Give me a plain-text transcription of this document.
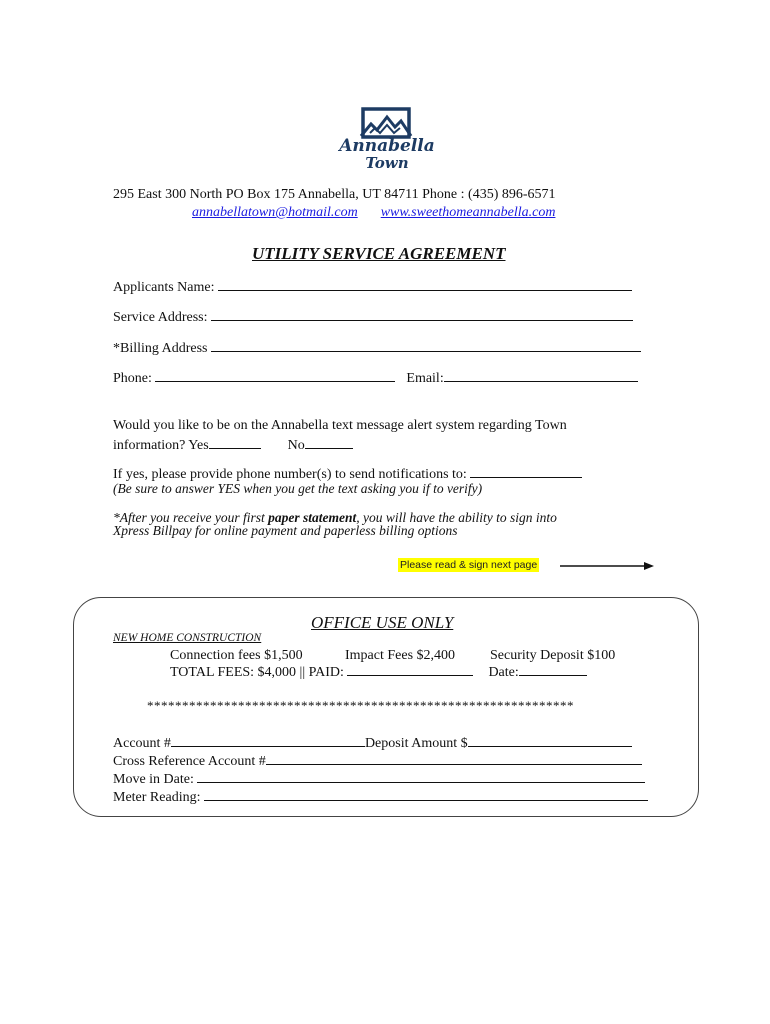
Annabella
Town
295 East 300 North PO Box 175 Annabella, UT 84711 Phone : (435) 896-6571
annabellatown@hotmail.com www.sweethomeannabella.com
UTILITY SERVICE AGREEMENT
Applicants Name:
Service Address:
*Billing Address
Phone:	Email:
Would you like to be on the Annabella text message alert system regarding Town
information? Yes	No
If yes, please provide phone number(s) to send notifications to:
(Be sure to answer YES when you get the text asking you if to verify)
*After you receive your first paper statement, you will have the ability to sign into
Xpress Billpay for online payment and paperless billing options
Please read & sign next page
OFFICE USE ONLY
NEW HOME CONSTRUCTION
Connection fees $1,500	Impact Fees $2,400 Security Deposit $100
TOTAL FEES: $4,000 || PAID:	Date:
*************************************************************
Account #	Deposit Amount $
Cross Reference Account #
Move in Date:
Meter Reading:
